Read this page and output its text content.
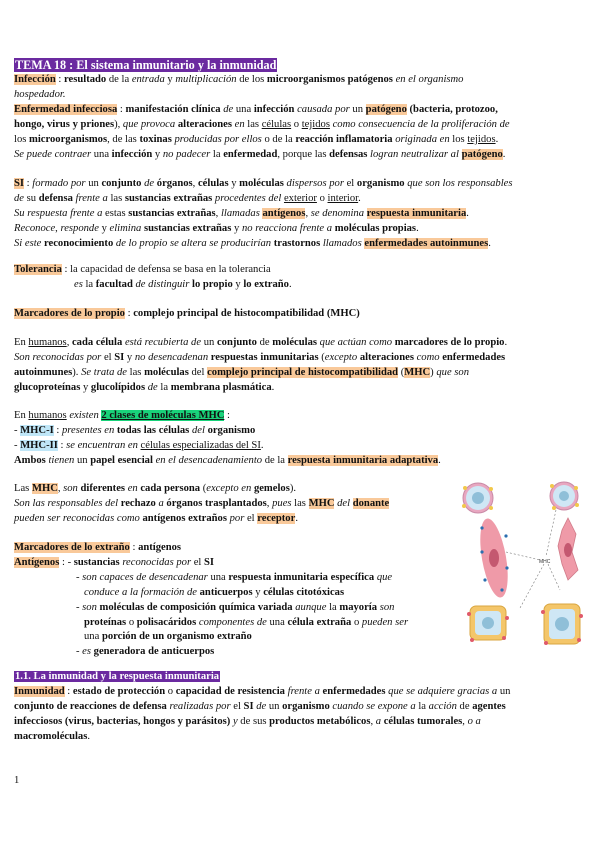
TEMA 18 : El sistema inmunitario y la inmunidad
Infección : resultado de la entrada y multiplicación de los microorganismos patógenos en el organismo
hospedador.
Enfermedad infecciosa : manifestación clínica de una infección causada por un patógeno (bacteria, protozoo,
hongo, virus y priones), que provoca alteraciones en las células o tejidos como consecuencia de la proliferación de
los microorganismos, de las toxinas producidas por ellos o de la reacción inflamatoria originada en los tejidos.
Se puede contraer una infección y no padecer la enfermedad, porque las defensas logran neutralizar al patógeno.
SI : formado por un conjunto de órganos, células y moléculas dispersos por el organismo que son los responsables
de su defensa frente a las sustancias extrañas procedentes del exterior o interior.
Su respuesta frente a estas sustancias extrañas, llamadas antígenos, se denomina respuesta inmunitaria.
Reconoce, responde y elimina sustancias extrañas y no reacciona frente a moléculas propias.
Si este reconocimiento de lo propio se altera se producirían trastornos llamados enfermedades autoinmunes.
Tolerancia : la capacidad de defensa se basa en la tolerancia
es la facultad de distinguir lo propio y lo extraño.
Marcadores de lo propio : complejo principal de histocompatibilidad (MHC)
En humanos, cada célula está recubierta de un conjunto de moléculas que actúan como marcadores de lo propio.
Son reconocidas por el SI y no desencadenan respuestas inmunitarias (excepto alteraciones como enfermedades
autoinmunes). Se trata de las moléculas del complejo principal de histocompatibilidad (MHC) que son
glucoproteínas y glucolípidos de la membrana plasmática.
En humanos existen 2 clases de moléculas MHC :
- MHC-I : presentes en todas las células del organismo
- MHC-II : se encuentran en células especializadas del SI.
Ambos tienen un papel esencial en el desencadenamiento de la respuesta inmunitaria adaptativa.
Las MHC, son diferentes en cada persona (excepto en gemelos).
Son las responsables del rechazo a órganos trasplantados, pues las MHC del donante
pueden ser reconocidas como antígenos extraños por el receptor.
Marcadores de lo extraño : antígenos
Antígenos : - sustancias reconocidas por el SI
- son capaces de desencadenar una respuesta inmunitaria específica que
conduce a la formación de anticuerpos y células citotóxicas
- son moléculas de composición química variada aunque la mayoría son
proteínas o polisacáridos componentes de una célula extraña o pueden ser
una porción de un organismo extraño
- es generadora de anticuerpos
1.1. La inmunidad y la respuesta inmunitaria
Inmunidad : estado de protección o capacidad de resistencia frente a enfermedades que se adquiere gracias a un
conjunto de reacciones de defensa realizadas por el SI de un organismo cuando se expone a la acción de agentes
infecciosos (virus, bacterias, hongos y parásitos) y de sus productos metabólicos, a células tumorales, o a
macromoléculas.
MHC
1
